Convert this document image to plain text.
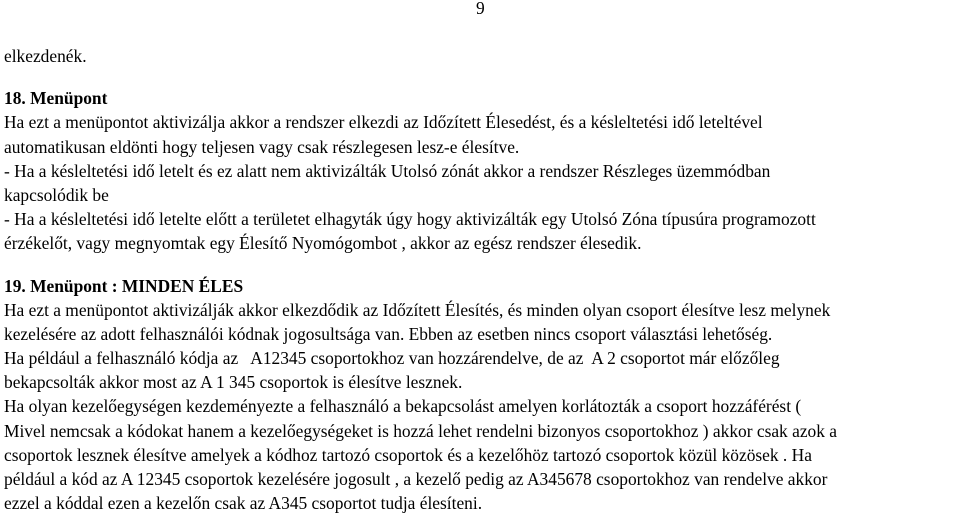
9
elkezdenék.
18. Menüpont
Ha ezt a menüpontot aktivizálja akkor a rendszer elkezdi az Időzített Élesedést, és a késleltetési idő leteltével
automatikusan eldönti hogy teljesen vagy csak részlegesen lesz-e élesítve.
- Ha a késleltetési idő letelt és ez alatt nem aktivizálták Utolsó zónát akkor a rendszer Részleges üzemmódban
kapcsolódik be
- Ha a késleltetési idő letelte előtt a területet elhagyták úgy hogy aktivizálták egy Utolsó Zóna típusúra programozott
érzékelőt, vagy megnyomtak egy Élesítő Nyomógombot , akkor az egész rendszer élesedik.
19. Menüpont : MINDEN ÉLES
Ha ezt a menüpontot aktivizálják akkor elkezdődik az Időzített Élesítés, és minden olyan csoport élesítve lesz melynek
kezelésére az adott felhasználói kódnak jogosultsága van. Ebben az esetben nincs csoport választási lehetőség.
Ha például a felhasználó kódja az   A12345 csoportokhoz van hozzárendelve, de az  A 2 csoportot már előzőleg
bekapcsolták akkor most az A 1 345 csoportok is élesítve lesznek.
Ha olyan kezelőegységen kezdeményezte a felhasználó a bekapcsolást amelyen korlátozták a csoport hozzáférést (
Mivel nemcsak a kódokat hanem a kezelőegységeket is hozzá lehet rendelni bizonyos csoportokhoz ) akkor csak azok a
csoportok lesznek élesítve amelyek a kódhoz tartozó csoportok és a kezelőhöz tartozó csoportok közül közösek . Ha
például a kód az A 12345 csoportok kezelésére jogosult , a kezelő pedig az A345678 csoportokhoz van rendelve akkor
ezzel a kóddal ezen a kezelőn csak az A345 csoportot tudja élesíteni.
